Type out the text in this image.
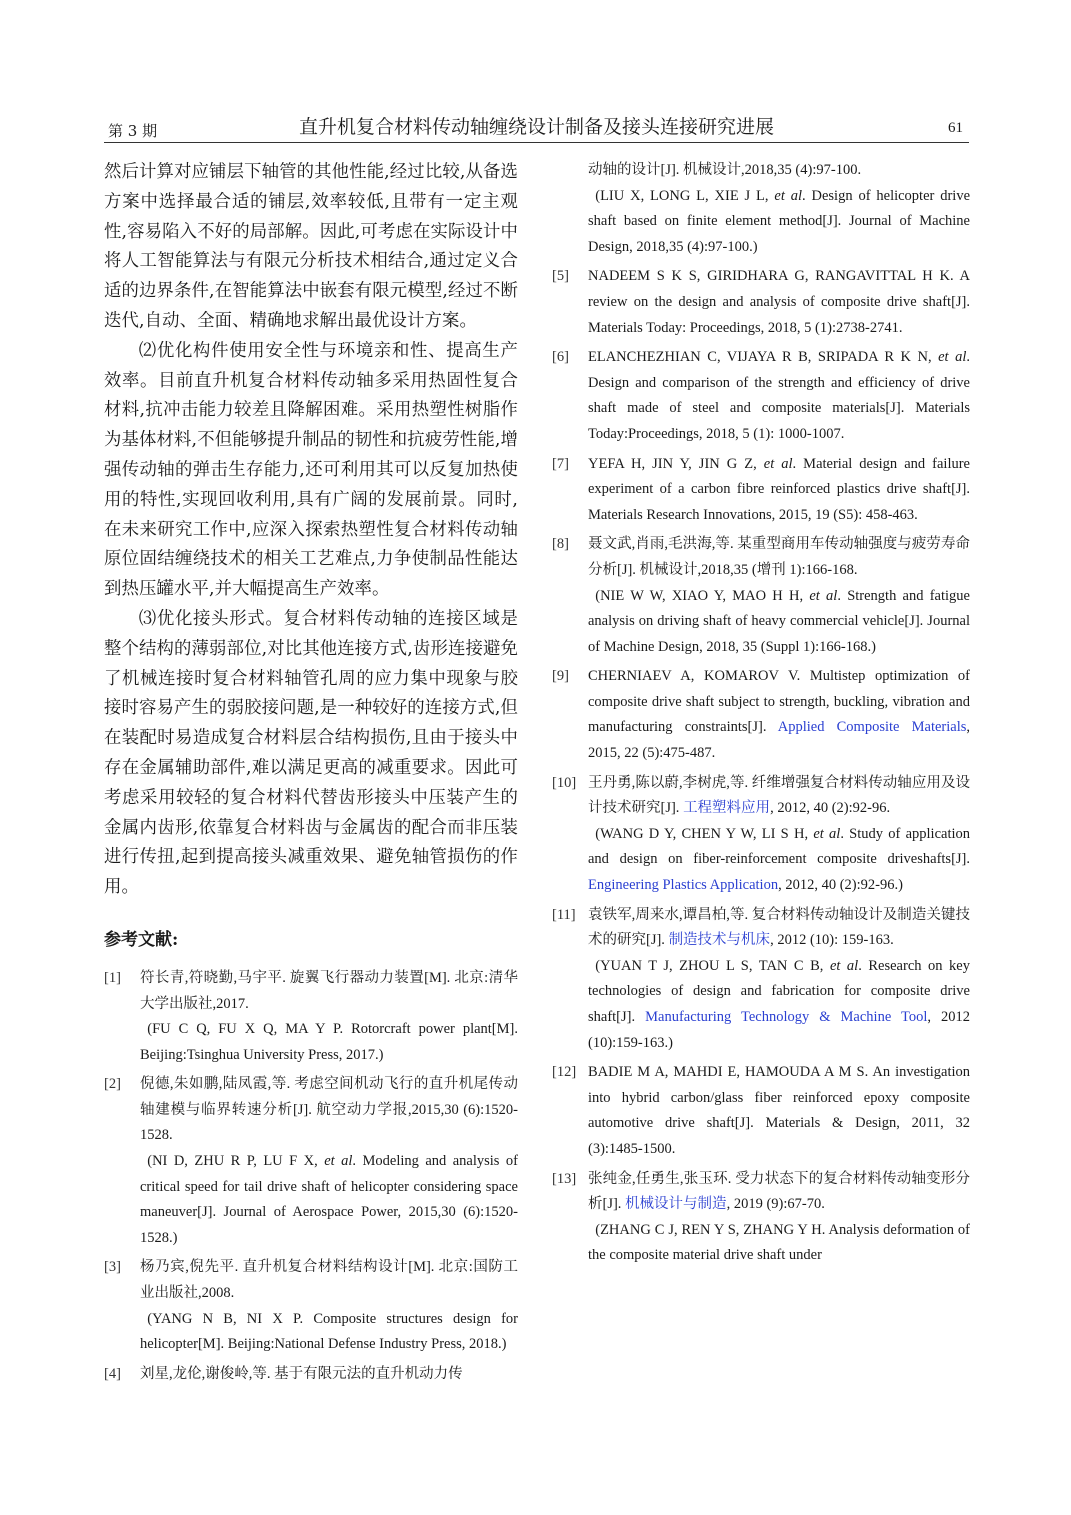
第 3 期	直升机复合材料传动轴缠绕设计制备及接头连接研究进展	61

然后计算对应铺层下轴管的其他性能,经过比较,从备选方案中选择最合适的铺层,效率较低,且带有一定主观性,容易陷入不好的局部解。因此,可考虑在实际设计中将人工智能算法与有限元分析技术相结合,通过定义合适的边界条件,在智能算法中嵌套有限元模型,经过不断迭代,自动、全面、精确地求解出最优设计方案。

⑵优化构件使用安全性与环境亲和性、提高生产效率。目前直升机复合材料传动轴多采用热固性复合材料,抗冲击能力较差且降解困难。采用热塑性树脂作为基体材料,不但能够提升制品的韧性和抗疲劳性能,增强传动轴的弹击生存能力,还可利用其可以反复加热使用的特性,实现回收利用,具有广阔的发展前景。同时,在未来研究工作中,应深入探索热塑性复合材料传动轴原位固结缠绕技术的相关工艺难点,力争使制品性能达到热压罐水平,并大幅提高生产效率。

⑶优化接头形式。复合材料传动轴的连接区域是整个结构的薄弱部位,对比其他连接方式,齿形连接避免了机械连接时复合材料轴管孔周的应力集中现象与胶接时容易产生的弱胶接问题,是一种较好的连接方式,但在装配时易造成复合材料层合结构损伤,且由于接头中存在金属辅助部件,难以满足更高的减重要求。因此可考虑采用较轻的复合材料代替齿形接头中压装产生的金属内齿形,依靠复合材料齿与金属齿的配合而非压装进行传扭,起到提高接头减重效果、避免轴管损伤的作用。

参考文献:
[1]	符长青,符晓勤,马宇平. 旋翼飞行器动力装置[M]. 北京:清华大学出版社,2017.
(FU C Q, FU X Q, MA Y P. Rotorcraft power plant[M]. Beijing:Tsinghua University Press, 2017.)
[2]	倪德,朱如鹏,陆凤霞,等. 考虑空间机动飞行的直升机尾传动轴建模与临界转速分析[J]. 航空动力学报,2015,30 (6):1520-1528.
(NI D, ZHU R P, LU F X, et al. Modeling and analysis of critical speed for tail drive shaft of helicopter considering space maneuver[J]. Journal of Aerospace Power, 2015,30 (6):1520-1528.)
[3]	杨乃宾,倪先平. 直升机复合材料结构设计[M]. 北京:国防工业出版社,2008.
(YANG N B, NI X P. Composite structures design for helicopter[M]. Beijing:National Defense Industry Press, 2018.)
[4]	刘星,龙伦,谢俊岭,等. 基于有限元法的直升机动力传
动轴的设计[J]. 机械设计,2018,35 (4):97-100.
(LIU X, LONG L, XIE J L, et al. Design of helicopter drive shaft based on finite element method[J]. Journal of Machine Design, 2018,35 (4):97-100.)
[5]	NADEEM S K S, GIRIDHARA G, RANGAVITTAL H K. A review on the design and analysis of composite drive shaft[J]. Materials Today: Proceedings, 2018, 5 (1):2738-2741.
[6]	ELANCHEZHIAN C, VIJAYA R B, SRIPADA R K N, et al. Design and comparison of the strength and efficiency of drive shaft made of steel and composite materials[J]. Materials Today:Proceedings, 2018, 5 (1): 1000-1007.
[7]	YEFA H, JIN Y, JIN G Z, et al. Material design and failure experiment of a carbon fibre reinforced plastics drive shaft[J]. Materials Research Innovations, 2015, 19 (S5): 458-463.
[8]	聂文武,肖雨,毛洪海,等. 某重型商用车传动轴强度与疲劳寿命分析[J]. 机械设计,2018,35 (增刊 1):166-168.
(NIE W W, XIAO Y, MAO H H, et al. Strength and fatigue analysis on driving shaft of heavy commercial vehicle[J]. Journal of Machine Design, 2018, 35 (Suppl 1):166-168.)
[9]	CHERNIAEV A, KOMAROV V. Multistep optimization of composite drive shaft subject to strength, buckling, vibration and manufacturing constraints[J]. Applied Composite Materials, 2015, 22 (5):475-487.
[10] 王丹勇,陈以蔚,李树虎,等. 纤维增强复合材料传动轴应用及设计技术研究[J]. 工程塑料应用, 2012, 40 (2):92-96.
(WANG D Y, CHEN Y W, LI S H, et al. Study of application and design on fiber-reinforcement composite driveshafts[J]. Engineering Plastics Application, 2012, 40 (2):92-96.)
[11] 袁铁军,周来水,谭昌柏,等. 复合材料传动轴设计及制造关键技术的研究[J]. 制造技术与机床, 2012 (10): 159-163.
(YUAN T J, ZHOU L S, TAN C B, et al. Research on key technologies of design and fabrication for composite drive shaft[J]. Manufacturing Technology & Machine Tool, 2012 (10):159-163.)
[12] BADIE M A, MAHDI E, HAMOUDA A M S. An investigation into hybrid carbon/glass fiber reinforced epoxy composite automotive drive shaft[J]. Materials & Design, 2011, 32 (3):1485-1500.
[13] 张纯金,任勇生,张玉环. 受力状态下的复合材料传动轴变形分析[J]. 机械设计与制造, 2019 (9):67-70.
(ZHANG C J, REN Y S, ZHANG Y H. Analysis deformation of the composite material drive shaft under
